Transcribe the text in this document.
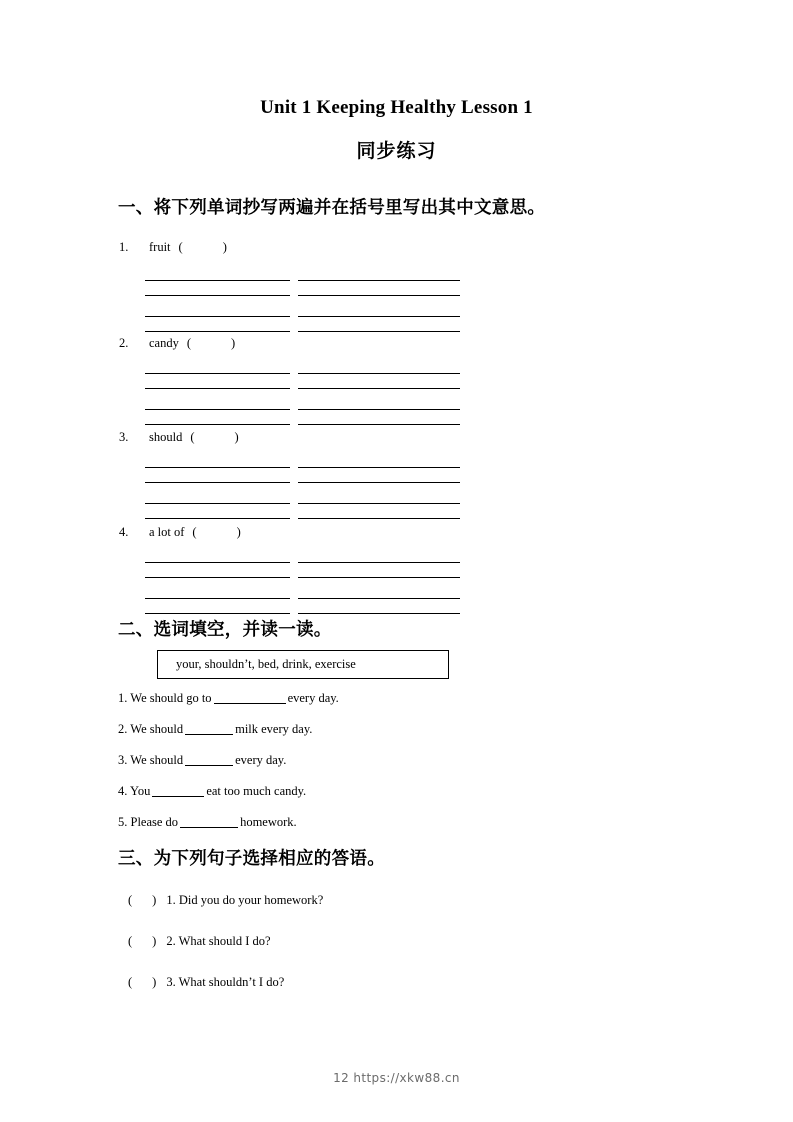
Unit 1 Keeping Healthy Lesson 1
同步练习
一、将下列单词抄写两遍并在括号里写出其中文意思。
1. fruit (	)
2. candy (	)
3. should (	)
4. a lot of (	)
二、选词填空，并读一读。
your, shouldn’t, bed, drink, exercise
1. We should go to	every day.
2. We should	milk every day.
3. We should	every day.
4. You	eat too much candy.
5. Please do	homework.
三、为下列句子选择相应的答语。
( ) 1. Did you do your homework?
( ) 2. What should I do?
( ) 3. What shouldn’t I do?
12 https://xkw88.cn
